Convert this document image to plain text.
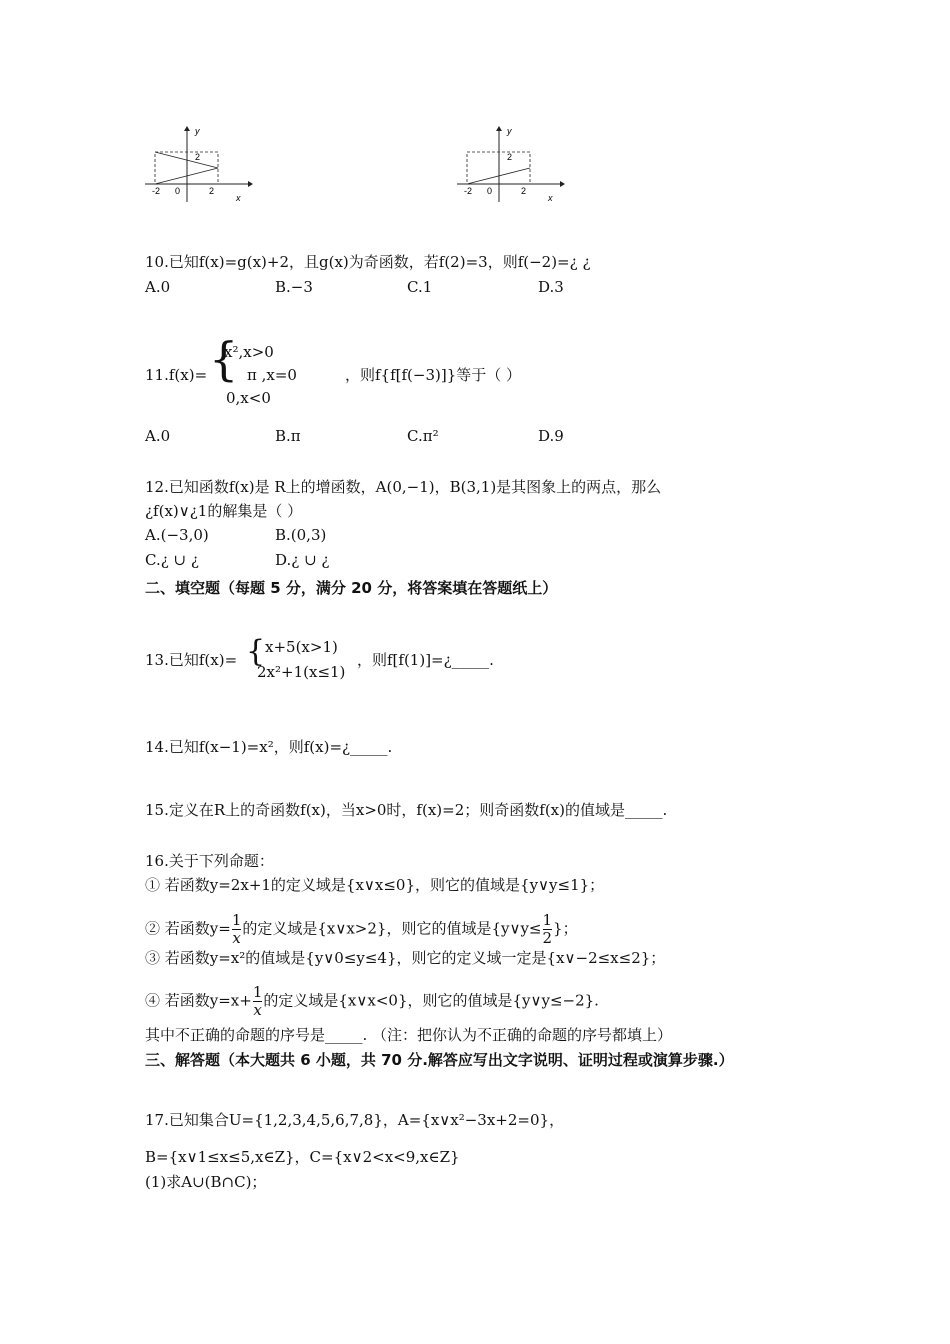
y
x
-2 0	2
2
y
x
-2 0	2
2
10.已知f(x)=g(x)+2，且g(x)为奇函数，若f(2)=3，则f(−2)=¿ ¿
A.0	B.−3	C.1	D.3
11.f(x)= {
x²,x>0
π ,x=0
0,x<0
，则f{f[f(−3)]}等于（ ）
A.0	B.π	C.π²	D.9
12.已知函数f(x)是 R上的增函数，A(0,−1)，B(3,1)是其图象上的两点，那么
¿f(x)∨¿1的解集是（ ）
A.(−3,0)	B.(0,3)
C.¿ ∪ ¿	D.¿ ∪ ¿
二、填空题（每题 5 分，满分 20 分，将答案填在答题纸上）
13.已知f(x)= { x+5(x>1)
2x²+1(x≤1)
，则f[f(1)]=¿_____.
14.已知f(x−1)=x²，则f(x)=¿_____.
15.定义在R上的奇函数f(x)，当x>0时，f(x)=2；则奇函数f(x)的值域是_____.
16.关于下列命题：
① 若函数y=2x+1的定义域是{x∨x≤0}，则它的值域是{y∨y≤1}；
② 若函数$y= \frac{1}{x}$ 的定义域是{x∨x>2}，则它的值域是{y∨y≤ $\frac{1}{2}$ }；
③ 若函数y=x²的值域是{y∨0≤y≤4}，则它的定义域一定是{x∨−2≤x≤2}；
④ 若函数$y=x+ \frac{1}{x}$ 的定义域是{x∨x<0}，则它的值域是{y∨y≤−2}.
其中不正确的命题的序号是_____. （注：把你认为不正确的命题的序号都填上）
三、解答题（本大题共 6 小题，共 70 分.解答应写出文字说明、证明过程或演算步骤.）
17.已知集合U={1,2,3,4,5,6,7,8}，A={x∨x²−3x+2=0}，
B={x∨1≤x≤5,x∈Z}，C={x∨2<x<9,x∈Z}
(1)求A∪(B∩C)；
